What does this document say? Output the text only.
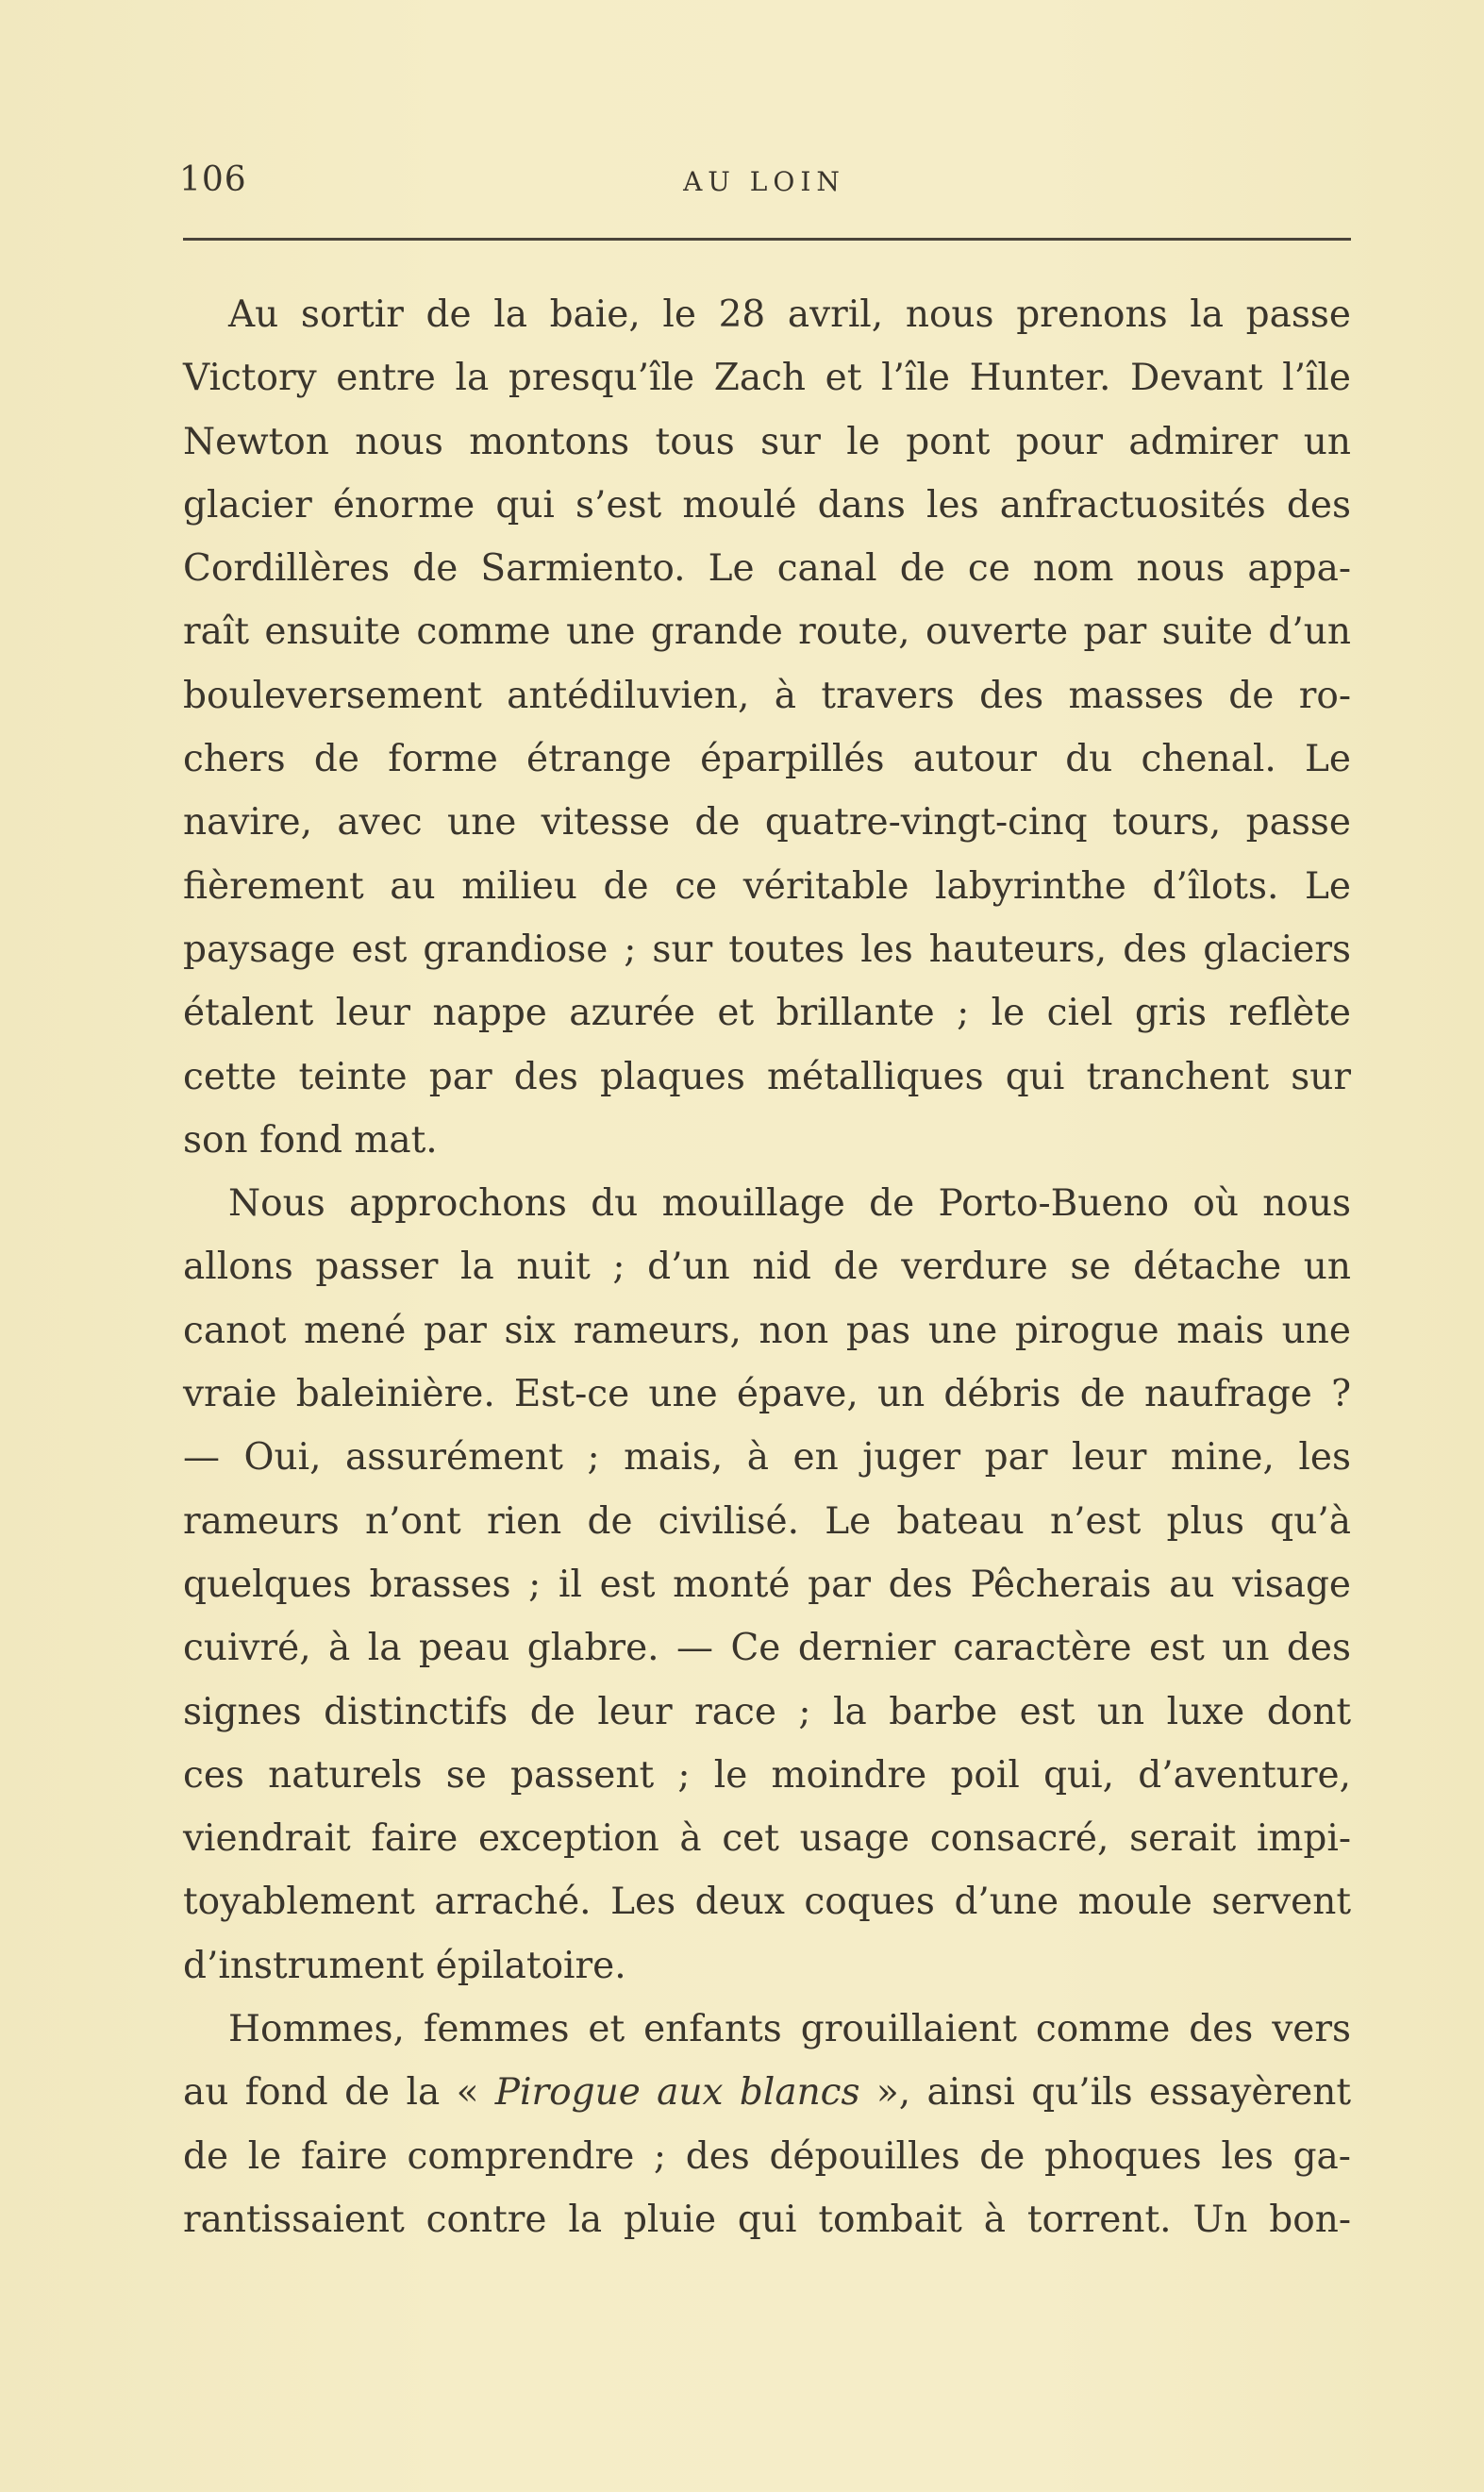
106	AU LOIN
Au sortir de la baie, le 28 avril, nous prenons la passe
Victory entre la presqu’île Zach et l’île Hunter. Devant l’île
Newton nous montons tous sur le pont pour admirer un
glacier énorme qui s’est moulé dans les anfractuosités des
Cordillères de Sarmiento. Le canal de ce nom nous appa-
raît ensuite comme une grande route, ouverte par suite d’un
bouleversement antédiluvien, à travers des masses de ro-
chers de forme étrange éparpillés autour du chenal. Le
navire, avec une vitesse de quatre-vingt-cinq tours, passe
fièrement au milieu de ce véritable labyrinthe d’îlots. Le
paysage est grandiose ; sur toutes les hauteurs, des glaciers
étalent leur nappe azurée et brillante ; le ciel gris reflète
cette teinte par des plaques métalliques qui tranchent sur
son fond mat.
Nous approchons du mouillage de Porto-Bueno où nous
allons passer la nuit ; d’un nid de verdure se détache un
canot mené par six rameurs, non pas une pirogue mais une
vraie baleinière. Est-ce une épave, un débris de naufrage ?
— Oui, assurément ; mais, à en juger par leur mine, les
rameurs n’ont rien de civilisé. Le bateau n’est plus qu’à
quelques brasses ; il est monté par des Pêcherais au visage
cuivré, à la peau glabre. — Ce dernier caractère est un des
signes distinctifs de leur race ; la barbe est un luxe dont
ces naturels se passent ; le moindre poil qui, d’aventure,
viendrait faire exception à cet usage consacré, serait impi-
toyablement arraché. Les deux coques d’une moule servent
d’instrument épilatoire.
Hommes, femmes et enfants grouillaient comme des vers
au fond de la « Pirogue aux blancs », ainsi qu’ils essayèrent
de le faire comprendre ; des dépouilles de phoques les ga-
rantissaient contre la pluie qui tombait à torrent. Un bon-
